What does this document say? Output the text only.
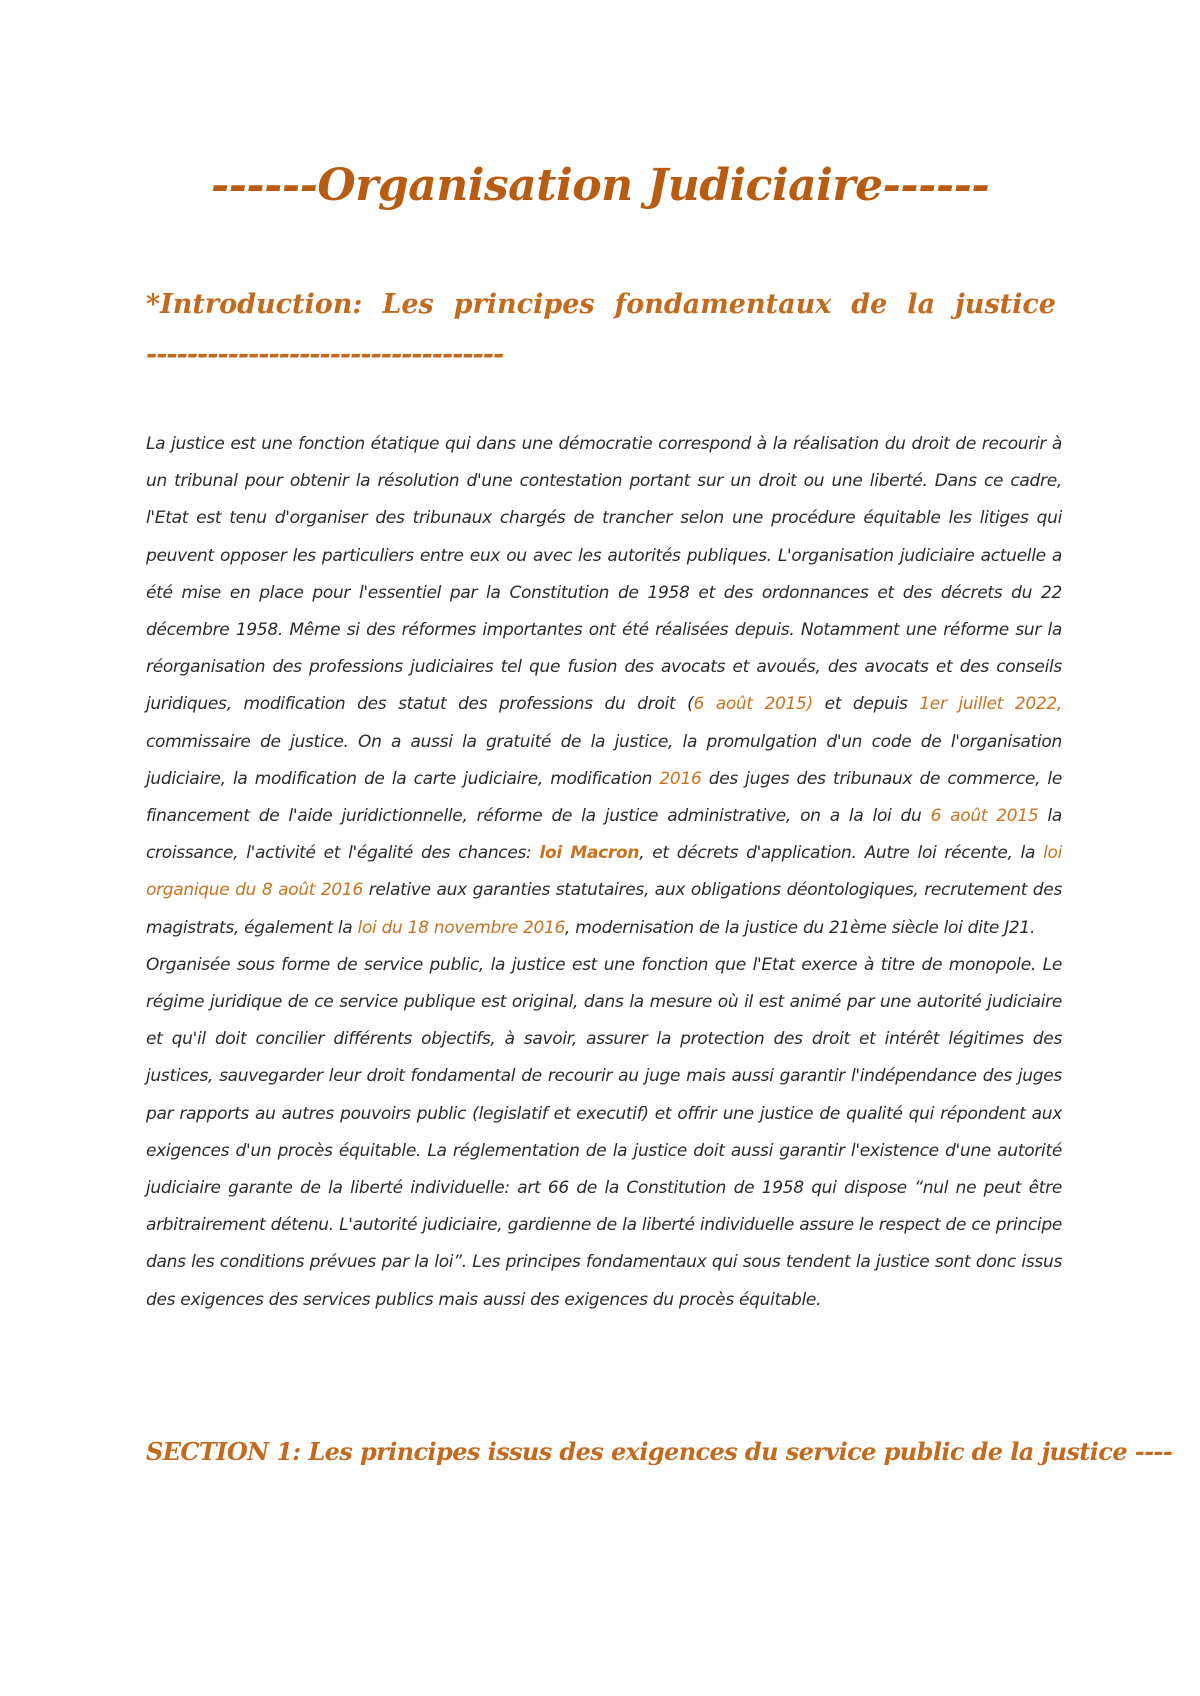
------Organisation Judiciaire------
*Introduction: Les principes fondamentaux de la justice
-----------------------------------

La justice est une fonction étatique qui dans une démocratie correspond à la réalisation du droit de recourir à un tribunal pour obtenir la résolution d'une contestation portant sur un droit ou une liberté. Dans ce cadre, l'Etat est tenu d'organiser des tribunaux chargés de trancher selon une procédure équitable les litiges qui peuvent opposer les particuliers entre eux ou avec les autorités publiques. L'organisation judiciaire actuelle a été mise en place pour l'essentiel par la Constitution de 1958 et des ordonnances et des décrets du 22 décembre 1958. Même si des réformes importantes ont été réalisées depuis. Notamment une réforme sur la réorganisation des professions judiciaires tel que fusion des avocats et avoués, des avocats et des conseils juridiques, modification des statut des professions du droit (6 août 2015) et depuis 1er juillet 2022, commissaire de justice. On a aussi la gratuité de la justice, la promulgation d'un code de l'organisation judiciaire, la modification de la carte judiciaire, modification 2016 des juges des tribunaux de commerce, le financement de l'aide juridictionnelle, réforme de la justice administrative, on a la loi du 6 août 2015 la croissance, l'activité et l'égalité des chances: loi Macron, et décrets d'application. Autre loi récente, la loi organique du 8 août 2016 relative aux garanties statutaires, aux obligations déontologiques, recrutement des magistrats, également la loi du 18 novembre 2016, modernisation de la justice du 21ème siècle loi dite J21.

Organisée sous forme de service public, la justice est une fonction que l'Etat exerce à titre de monopole. Le régime juridique de ce service publique est original, dans la mesure où il est animé par une autorité judiciaire et qu'il doit concilier différents objectifs, à savoir, assurer la protection des droit et intérêt légitimes des justices, sauvegarder leur droit fondamental de recourir au juge mais aussi garantir l'indépendance des juges par rapports au autres pouvoirs public (legislatif et executif) et offrir une justice de qualité qui répondent aux exigences d'un procès équitable. La réglementation de la justice doit aussi garantir l'existence d'une autorité judiciaire garante de la liberté individuelle: art 66 de la Constitution de 1958 qui dispose “nul ne peut être arbitrairement détenu. L'autorité judiciaire, gardienne de la liberté individuelle assure le respect de ce principe dans les conditions prévues par la loi”. Les principes fondamentaux qui sous tendent la justice sont donc issus des exigences des services publics mais aussi des exigences du procès équitable.

SECTION 1: Les principes issus des exigences du service public de la justice ----
